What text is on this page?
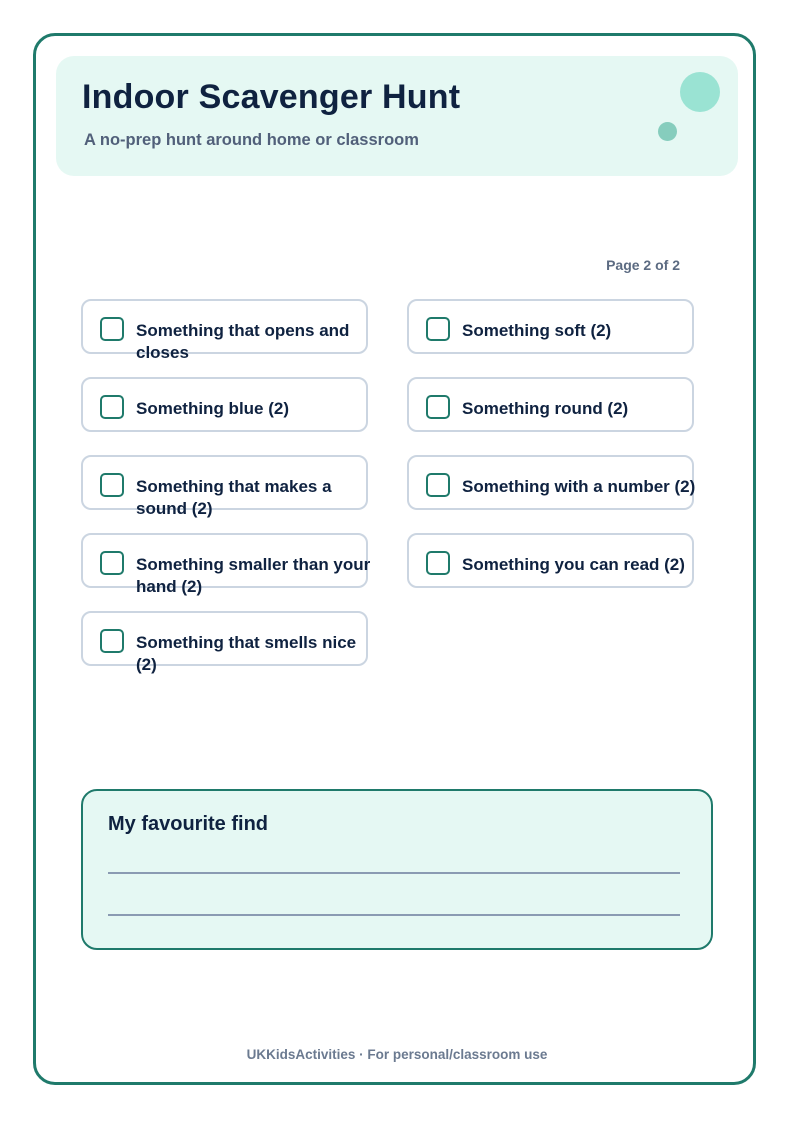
Indoor Scavenger Hunt

A no-prep hunt around home or classroom

Page 2 of 2
Something that opens and closes
Something blue (2)
Something that makes a sound (2)
Something smaller than your hand (2)
Something that smells nice (2)
Something soft (2)
Something round (2)
Something with a number (2)
Something you can read (2)
My favourite find
UKKidsActivities · For personal/classroom use
